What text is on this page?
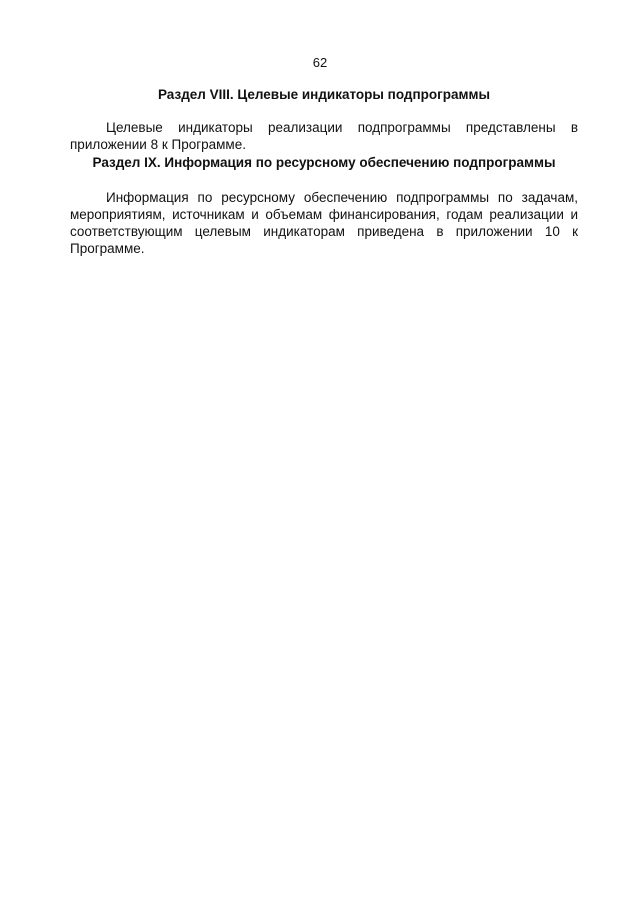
62
Раздел VIII. Целевые индикаторы подпрограммы

Целевые индикаторы реализации подпрограммы представлены в приложении 8 к Программе.

Раздел IX. Информация по ресурсному обеспечению подпрограммы

Информация по ресурсному обеспечению подпрограммы по задачам, мероприятиям, источникам и объемам финансирования, годам реализации и соответствующим целевым индикаторам приведена в приложении 10 к Программе.
